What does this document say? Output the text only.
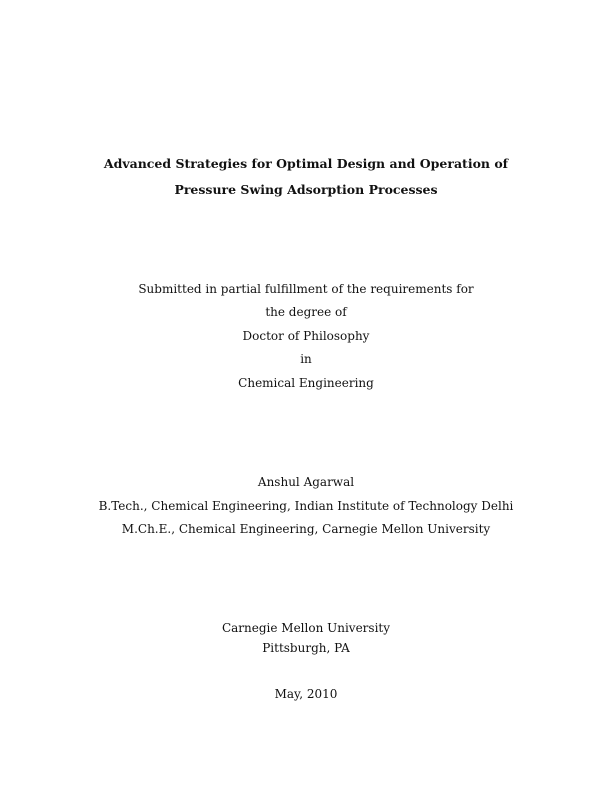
Advanced Strategies for Optimal Design and Operation of
Pressure Swing Adsorption Processes
Submitted in partial fulfillment of the requirements for
the degree of
Doctor of Philosophy
in
Chemical Engineering
Anshul Agarwal
B.Tech., Chemical Engineering, Indian Institute of Technology Delhi
M.Ch.E., Chemical Engineering, Carnegie Mellon University
Carnegie Mellon University
Pittsburgh, PA
May, 2010
